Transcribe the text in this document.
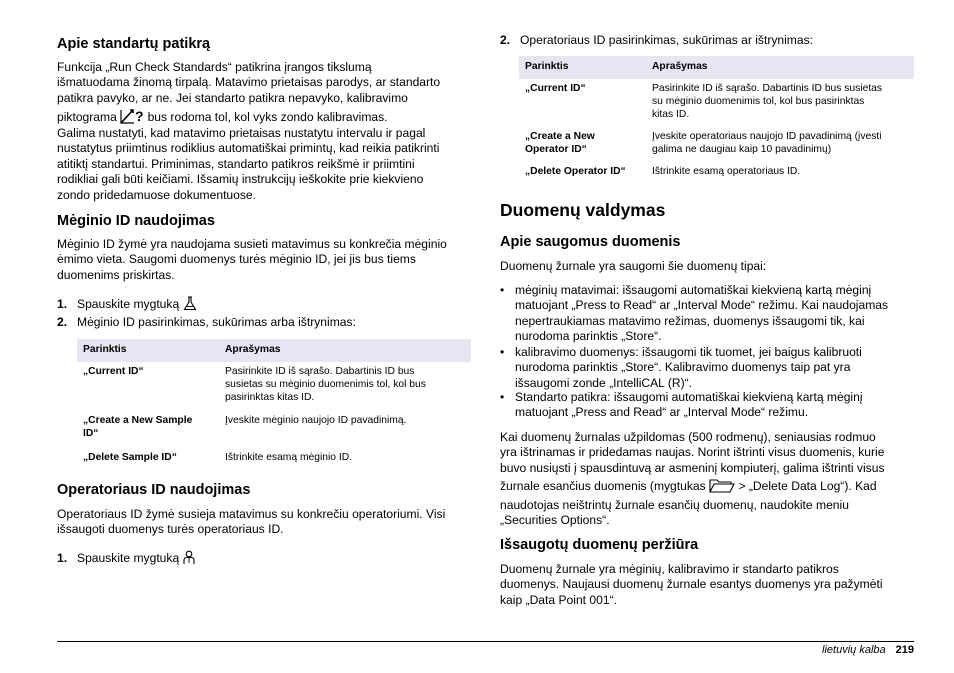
Apie standartų patikrą
Funkcija „Run Check Standards“ patikrina įrangos tikslumą
išmatuodama žinomą tirpalą. Matavimo prietaisas parodys, ar standarto
patikra pavyko, ar ne. Jei standarto patikra nepavyko, kalibravimo
piktograma ? bus rodoma tol, kol vyks zondo kalibravimas.
Galima nustatyti, kad matavimo prietaisas nustatytu intervalu ir pagal
nustatytus priimtinus rodiklius automatiškai primintų, kad reikia patikrinti
atitiktį standartui. Priminimas, standarto patikros reikšmė ir priimtini
rodikliai gali būti keičiami. Išsamių instrukcijų ieškokite prie kiekvieno
zondo pridedamuose dokumentuose.
Mėginio ID naudojimas
Mėginio ID žymė yra naudojama susieti matavimus su konkrečia mėginio
ėmimo vieta. Saugomi duomenys turės mėginio ID, jei jis bus tiems
duomenims priskirtas.
1. Spauskite mygtuką
2. Mėginio ID pasirinkimas, sukūrimas arba ištrynimas:
Parinktis	Aprašymas

„Current ID“	Pasirinkite ID iš sąrašo. Dabartinis ID bus
susietas su mėginio duomenimis tol, kol bus
pasirinktas kitas ID.

„Create a New Sample
ID“	Įveskite mėginio naujojo ID pavadinimą.

„Delete Sample ID“	Ištrinkite esamą mėginio ID.
Operatoriaus ID naudojimas
Operatoriaus ID žymė susieja matavimus su konkrečiu operatoriumi. Visi
išsaugoti duomenys turės operatoriaus ID.
1. Spauskite mygtuką
2. Operatoriaus ID pasirinkimas, sukūrimas ar ištrynimas:
Parinktis	Aprašymas

„Current ID“	Pasirinkite ID iš sąrašo. Dabartinis ID bus susietas
su mėginio duomenimis tol, kol bus pasirinktas
kitas ID.

„Create a New
Operator ID“	Įveskite operatoriaus naujojo ID pavadinimą (įvesti
galima ne daugiau kaip 10 pavadinimų)

„Delete Operator ID“	Ištrinkite esamą operatoriaus ID.
Duomenų valdymas
Apie saugomus duomenis
Duomenų žurnale yra saugomi šie duomenų tipai:
• mėginių matavimai: išsaugomi automatiškai kiekvieną kartą mėginį
matuojant „Press to Read“ ar „Interval Mode“ režimu. Kai naudojamas
nepertraukiamas matavimo režimas, duomenys išsaugomi tik, kai
nurodoma parinktis „Store“.
• kalibravimo duomenys: išsaugomi tik tuomet, jei baigus kalibruoti
nurodoma parinktis „Store“. Kalibravimo duomenys taip pat yra
išsaugomi zonde „IntelliCAL (R)“.
• Standarto patikra: išsaugomi automatiškai kiekvieną kartą mėginį
matuojant „Press and Read“ ar „Interval Mode“ režimu.
Kai duomenų žurnalas užpildomas (500 rodmenų), seniausias rodmuo
yra ištrinamas ir pridedamas naujas. Norint ištrinti visus duomenis, kurie
buvo nusiųsti į spausdintuvą ar asmeninį kompiuterį, galima ištrinti visus
žurnale esančius duomenis (mygtukas	> „Delete Data Log“). Kad
naudotojas neištrintų žurnale esančių duomenų, naudokite meniu
„Securities Options“.
Išsaugotų duomenų peržiūra
Duomenų žurnale yra mėginių, kalibravimo ir standarto patikros
duomenys. Naujausi duomenų žurnale esantys duomenys yra pažymėti
kaip „Data Point 001“.
lietuvių kalba 219
